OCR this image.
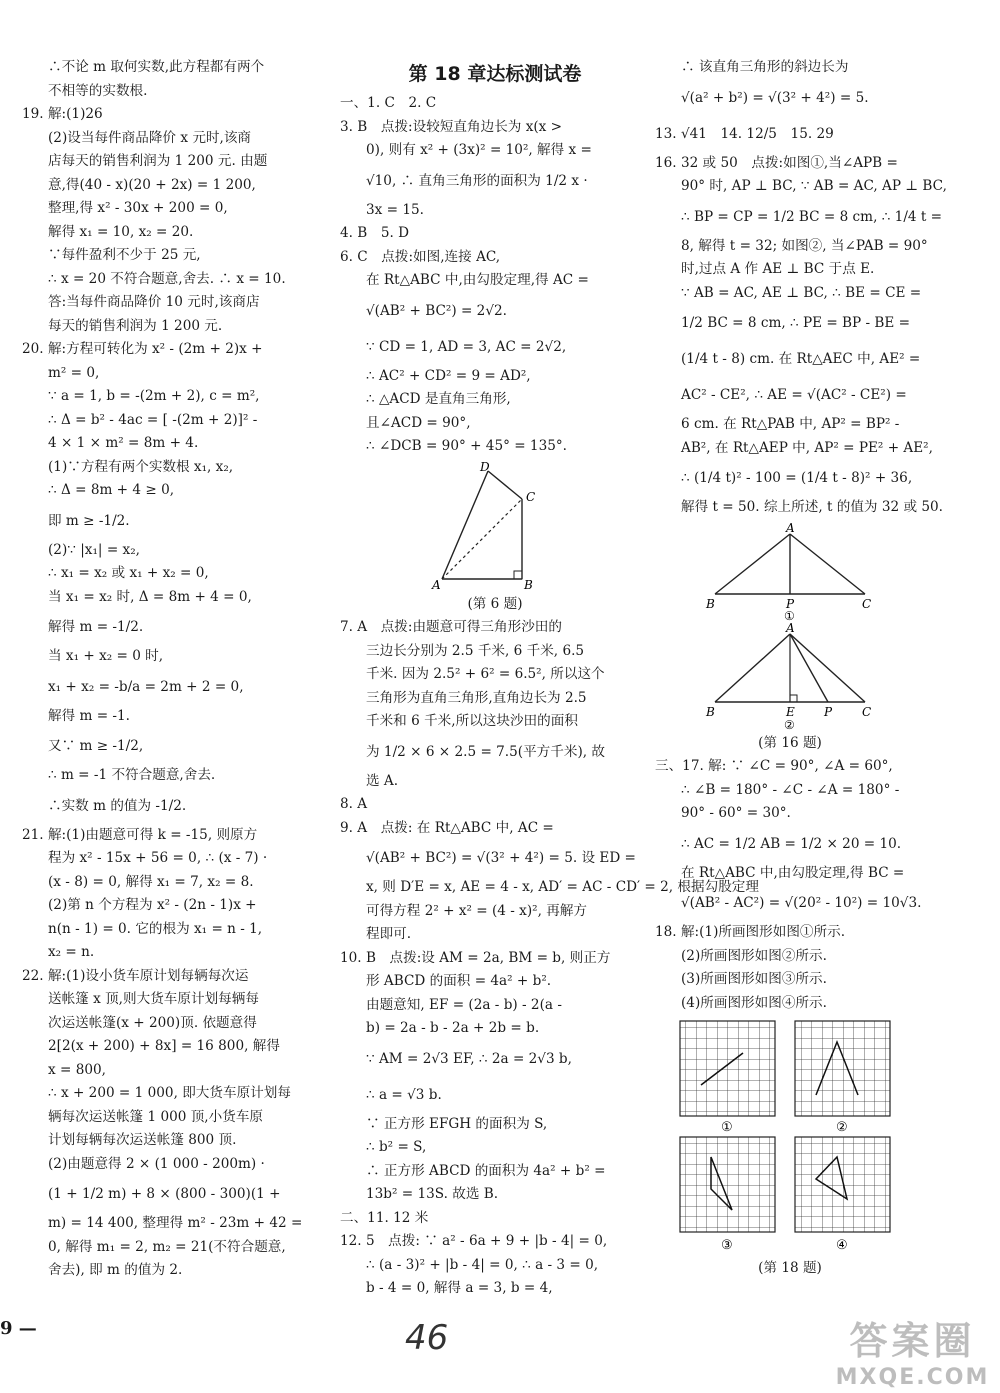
∴不论 m 取何实数,此方程都有两个
不相等的实数根.
19. 解:(1)26
(2)设当每件商品降价 x 元时,该商
店每天的销售利润为 1 200 元. 由题
意,得(40 - x)(20 + 2x) = 1 200,
整理,得 x² - 30x + 200 = 0,
解得 x₁ = 10, x₂ = 20.
∵每件盈利不少于 25 元,
∴ x = 20 不符合题意,舍去. ∴ x = 10.
答:当每件商品降价 10 元时,该商店
每天的销售利润为 1 200 元.
20. 解:方程可转化为 x² - (2m + 2)x +
m² = 0,
∵ a = 1, b = -(2m + 2), c = m²,
∴ Δ = b² - 4ac = [ -(2m + 2)]² -
4 × 1 × m² = 8m + 4.
(1)∵方程有两个实数根 x₁, x₂,
∴ Δ = 8m + 4 ≥ 0,
即 m ≥ -1/2.
(2)∵ |x₁| = x₂,
∴ x₁ = x₂ 或 x₁ + x₂ = 0,
当 x₁ = x₂ 时, Δ = 8m + 4 = 0,
解得 m = -1/2.
当 x₁ + x₂ = 0 时,
x₁ + x₂ = -b/a = 2m + 2 = 0,
解得 m = -1.
又∵ m ≥ -1/2,
∴ m = -1 不符合题意,舍去.
∴实数 m 的值为 -1/2.
21. 解:(1)由题意可得 k = -15, 则原方
程为 x² - 15x + 56 = 0, ∴ (x - 7) ·
(x - 8) = 0, 解得 x₁ = 7, x₂ = 8.
(2)第 n 个方程为 x² - (2n - 1)x +
n(n - 1) = 0. 它的根为 x₁ = n - 1,
x₂ = n.
22. 解:(1)设小货车原计划每辆每次运
送帐篷 x 顶,则大货车原计划每辆每
次运送帐篷(x + 200)顶. 依题意得
2[2(x + 200) + 8x] = 16 800, 解得
x = 800,
∴ x + 200 = 1 000, 即大货车原计划每
辆每次运送帐篷 1 000 顶,小货车原
计划每辆每次运送帐篷 800 顶.
(2)由题意得 2 × (1 000 - 200m) ·
(1 + 1/2 m) + 8 × (800 - 300)(1 +
m) = 14 400, 整理得 m² - 23m + 42 =
0, 解得 m₁ = 2, m₂ = 21(不符合题意,
舍去), 即 m 的值为 2.
第 18 章达标测试卷
一、1. C　2. C
3. B　点拨:设较短直角边长为 x(x >
0), 则有 x² + (3x)² = 10², 解得 x =
√10, ∴ 直角三角形的面积为 1/2 x ·
3x = 15.
4. B　5. D
6. C　点拨:如图,连接 AC,
在 Rt△ABC 中,由勾股定理,得 AC =
√(AB² + BC²) = 2√2.
∵ CD = 1, AD = 3, AC = 2√2,
∴ AC² + CD² = 9 = AD²,
∴ △ACD 是直角三角形,
且∠ACD = 90°,
∴ ∠DCB = 90° + 45° = 135°.
D
C
A	B
(第 6 题)
7. A　点拨:由题意可得三角形沙田的
三边长分别为 2.5 千米, 6 千米, 6.5
千米. 因为 2.5² + 6² = 6.5², 所以这个
三角形为直角三角形,直角边长为 2.5
千米和 6 千米,所以这块沙田的面积
为 1/2 × 6 × 2.5 = 7.5(平方千米), 故
选 A.
8. A
9. A　点拨: 在 Rt△ABC 中, AC =
√(AB² + BC²) = √(3² + 4²) = 5. 设 ED =
x, 则 D′E = x, AE = 4 - x, AD′ = AC - CD′ = 2, 根据勾股定理
可得方程 2² + x² = (4 - x)², 再解方
程即可.
10. B　点拨:设 AM = 2a, BM = b, 则正方
形 ABCD 的面积 = 4a² + b².
由题意知, EF = (2a - b) - 2(a -
b) = 2a - b - 2a + 2b = b.
∵ AM = 2√3 EF, ∴ 2a = 2√3 b,
∴ a = √3 b.
∵ 正方形 EFGH 的面积为 S,
∴ b² = S,
∴ 正方形 ABCD 的面积为 4a² + b² =
13b² = 13S. 故选 B.
二、11. 12 米
12. 5　点拨: ∵ a² - 6a + 9 + |b - 4| = 0,
∴ (a - 3)² + |b - 4| = 0, ∴ a - 3 = 0,
b - 4 = 0, 解得 a = 3, b = 4,
∴ 该直角三角形的斜边长为
√(a² + b²) = √(3² + 4²) = 5.
13. √41　14. 12/5　15. 29
16. 32 或 50　点拨:如图①,当∠APB =
90° 时, AP ⊥ BC, ∵ AB = AC, AP ⊥ BC,
∴ BP = CP = 1/2 BC = 8 cm, ∴ 1/4 t =
8, 解得 t = 32; 如图②, 当∠PAB = 90°
时,过点 A 作 AE ⊥ BC 于点 E.
∵ AB = AC, AE ⊥ BC, ∴ BE = CE =
1/2 BC = 8 cm, ∴ PE = BP - BE =
(1/4 t - 8) cm. 在 Rt△AEC 中, AE² =
AC² - CE², ∴ AE = √(AC² - CE²) =
6 cm. 在 Rt△PAB 中, AP² = BP² -
AB², 在 Rt△AEP 中, AP² = PE² + AE²,
∴ (1/4 t)² - 100 = (1/4 t - 8)² + 36,
解得 t = 50. 综上所述, t 的值为 32 或 50.
A
B	P	C
①
A
B	E P C
②
(第 16 题)
三、17. 解: ∵ ∠C = 90°, ∠A = 60°,
∴ ∠B = 180° - ∠C - ∠A = 180° -
90° - 60° = 30°.
∴ AC = 1/2 AB = 1/2 × 20 = 10.
在 Rt△ABC 中,由勾股定理,得 BC =
√(AB² - AC²) = √(20² - 10²) = 10√3.
18. 解:(1)所画图形如图①所示.
(2)所画图形如图②所示.
(3)所画图形如图③所示.
(4)所画图形如图④所示.
①	②
③	④
(第 18 题)
46
9 —	答案圈
MXQE.COM
